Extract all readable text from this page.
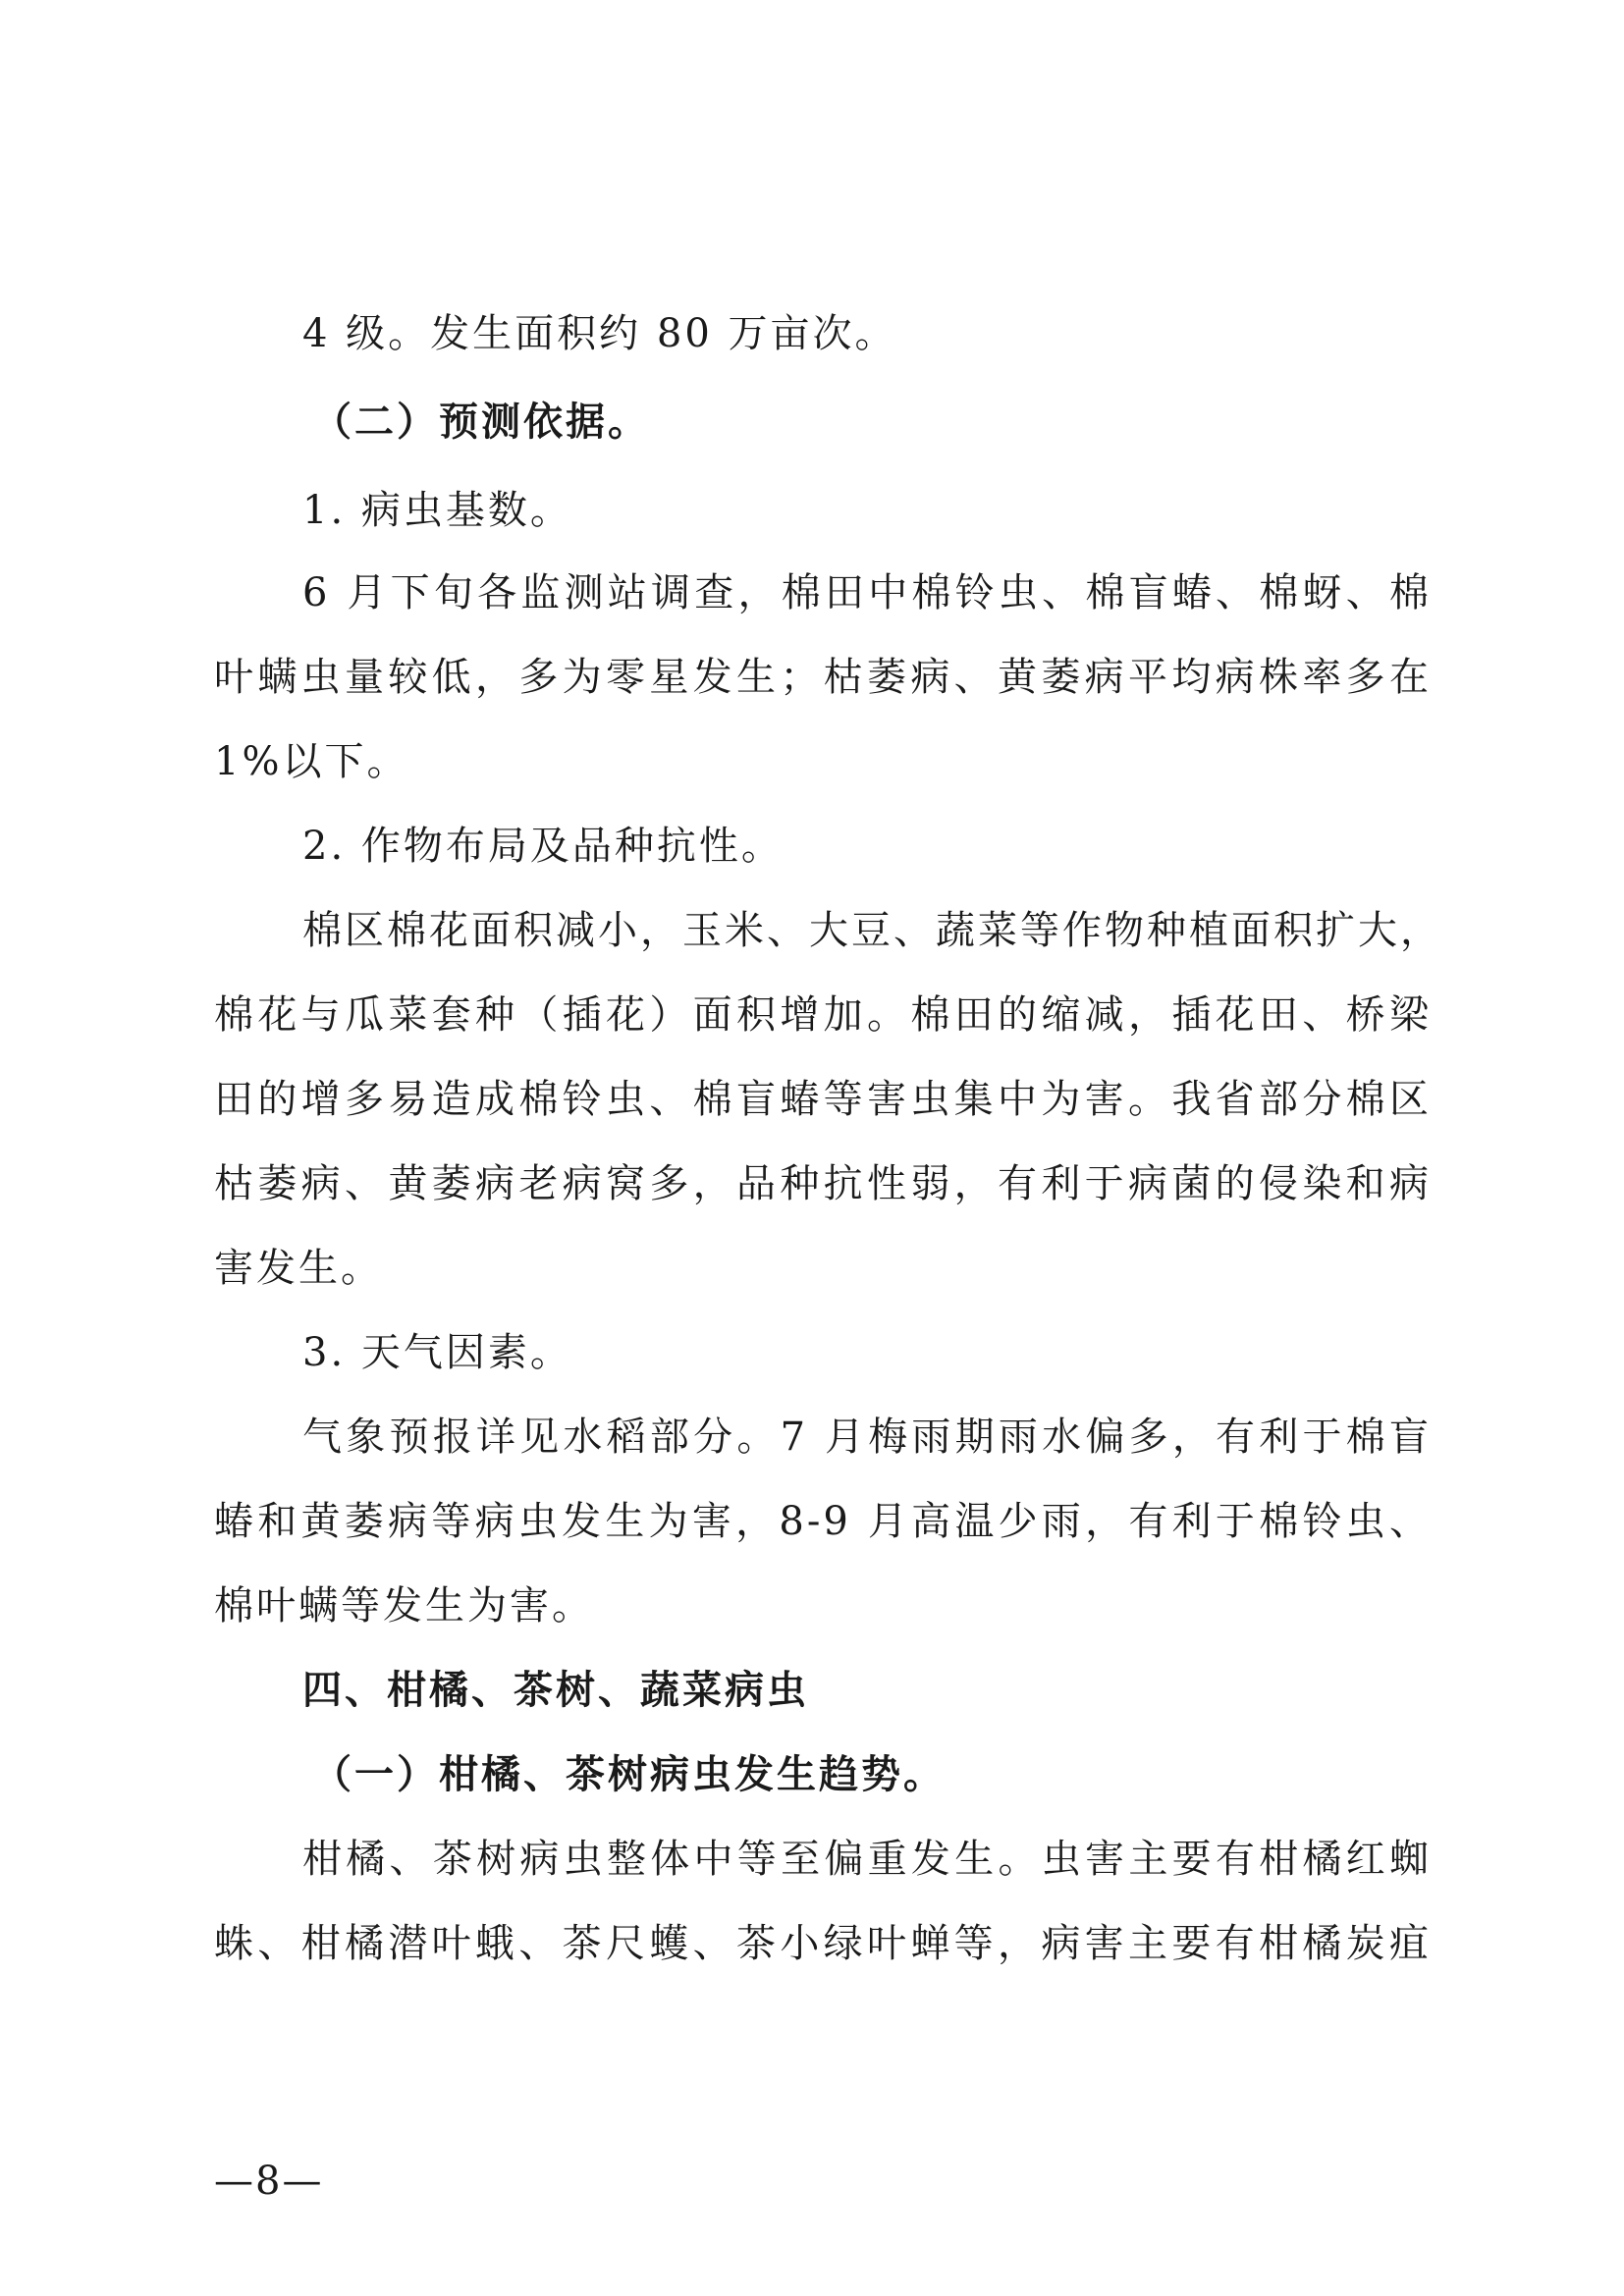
4 级。发生面积约 80 万亩次。
（二）预测依据。
1. 病虫基数。
6 月下旬各监测站调查，棉田中棉铃虫、棉盲蝽、棉蚜、棉
叶螨虫量较低，多为零星发生；枯萎病、黄萎病平均病株率多在
1%以下。
2. 作物布局及品种抗性。
棉区棉花面积减小，玉米、大豆、蔬菜等作物种植面积扩大，
棉花与瓜菜套种（插花）面积增加。棉田的缩减，插花田、桥梁
田的增多易造成棉铃虫、棉盲蝽等害虫集中为害。我省部分棉区
枯萎病、黄萎病老病窝多，品种抗性弱，有利于病菌的侵染和病
害发生。
3. 天气因素。
气象预报详见水稻部分。7 月梅雨期雨水偏多，有利于棉盲
蝽和黄萎病等病虫发生为害，8-9 月高温少雨，有利于棉铃虫、
棉叶螨等发生为害。
四、柑橘、茶树、蔬菜病虫
（一）柑橘、茶树病虫发生趋势。
柑橘、茶树病虫整体中等至偏重发生。虫害主要有柑橘红蜘
蛛、柑橘潜叶蛾、茶尺蠖、茶小绿叶蝉等，病害主要有柑橘炭疽
—8—
